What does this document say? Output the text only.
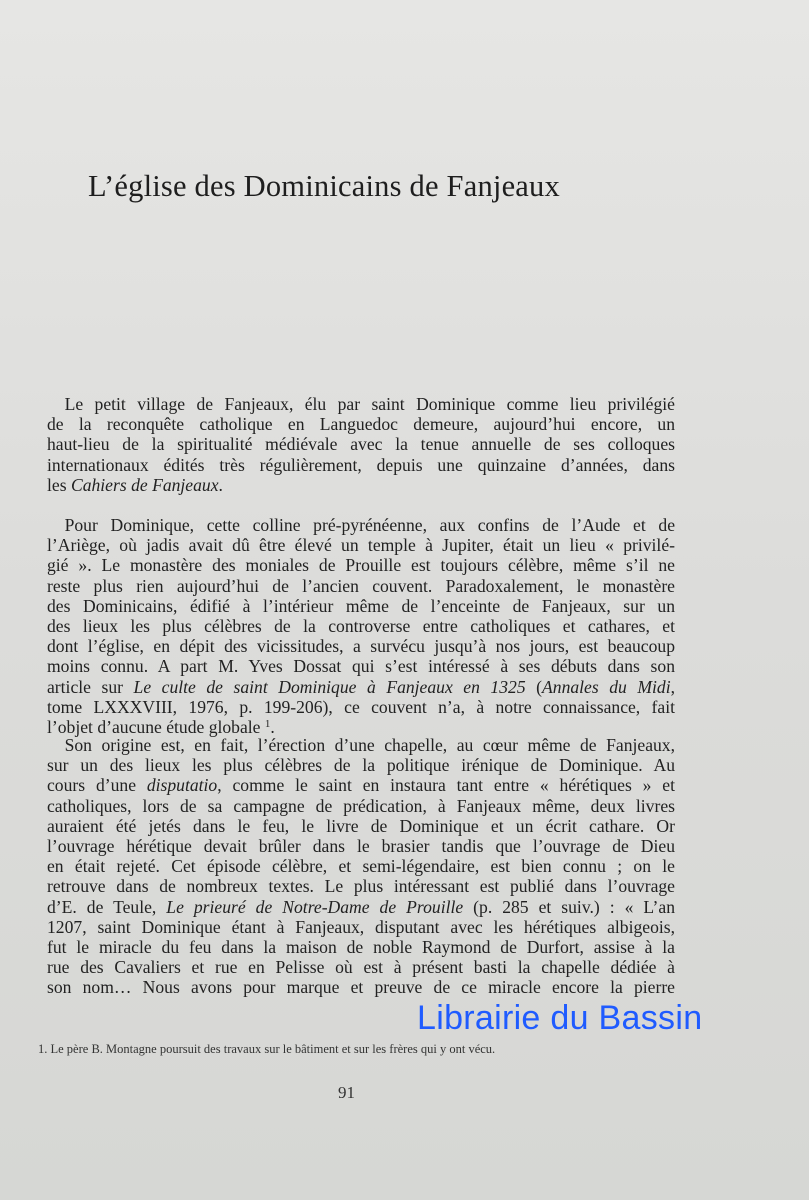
L’église des Dominicains de Fanjeaux
 Le petit village de Fanjeaux, élu par saint Dominique comme lieu privilégié
de la reconquête catholique en Languedoc demeure, aujourd’hui encore, un
haut-lieu de la spiritualité médiévale avec la tenue annuelle de ses colloques
internationaux édités très régulièrement, depuis une quinzaine d’années, dans
les Cahiers de Fanjeaux.
 Pour Dominique, cette colline pré-pyrénéenne, aux confins de l’Aude et de
l’Ariège, où jadis avait dû être élevé un temple à Jupiter, était un lieu « privilé-
gié ». Le monastère des moniales de Prouille est toujours célèbre, même s’il ne
reste plus rien aujourd’hui de l’ancien couvent. Paradoxalement, le monastère
des Dominicains, édifié à l’intérieur même de l’enceinte de Fanjeaux, sur un
des lieux les plus célèbres de la controverse entre catholiques et cathares, et
dont l’église, en dépit des vicissitudes, a survécu jusqu’à nos jours, est beaucoup
moins connu. A part M. Yves Dossat qui s’est intéressé à ses débuts dans son
article sur Le culte de saint Dominique à Fanjeaux en 1325 (Annales du Midi,
tome LXXXVIII, 1976, p. 199-206), ce couvent n’a, à notre connaissance, fait
l’objet d’aucune étude globale $^1$.
 Son origine est, en fait, l’érection d’une chapelle, au cœur même de Fanjeaux,
sur un des lieux les plus célèbres de la politique irénique de Dominique. Au
cours d’une disputatio, comme le saint en instaura tant entre « hérétiques » et
catholiques, lors de sa campagne de prédication, à Fanjeaux même, deux livres
auraient été jetés dans le feu, le livre de Dominique et un écrit cathare. Or
l’ouvrage hérétique devait brûler dans le brasier tandis que l’ouvrage de Dieu
en était rejeté. Cet épisode célèbre, et semi-légendaire, est bien connu ; on le
retrouve dans de nombreux textes. Le plus intéressant est publié dans l’ouvrage
d’E. de Teule, Le prieuré de Notre-Dame de Prouille (p. 285 et suiv.) : « L’an
1207, saint Dominique étant à Fanjeaux, disputant avec les hérétiques albigeois,
fut le miracle du feu dans la maison de noble Raymond de Durfort, assise à la
rue des Cavaliers et rue en Pelisse où est à présent basti la chapelle dédiée à
son nom… Nous avons pour marque et preuve de ce miracle encore la pierre
Librairie du Bassin
1. Le père B. Montagne poursuit des travaux sur le bâtiment et sur les frères qui y ont vécu.
91
